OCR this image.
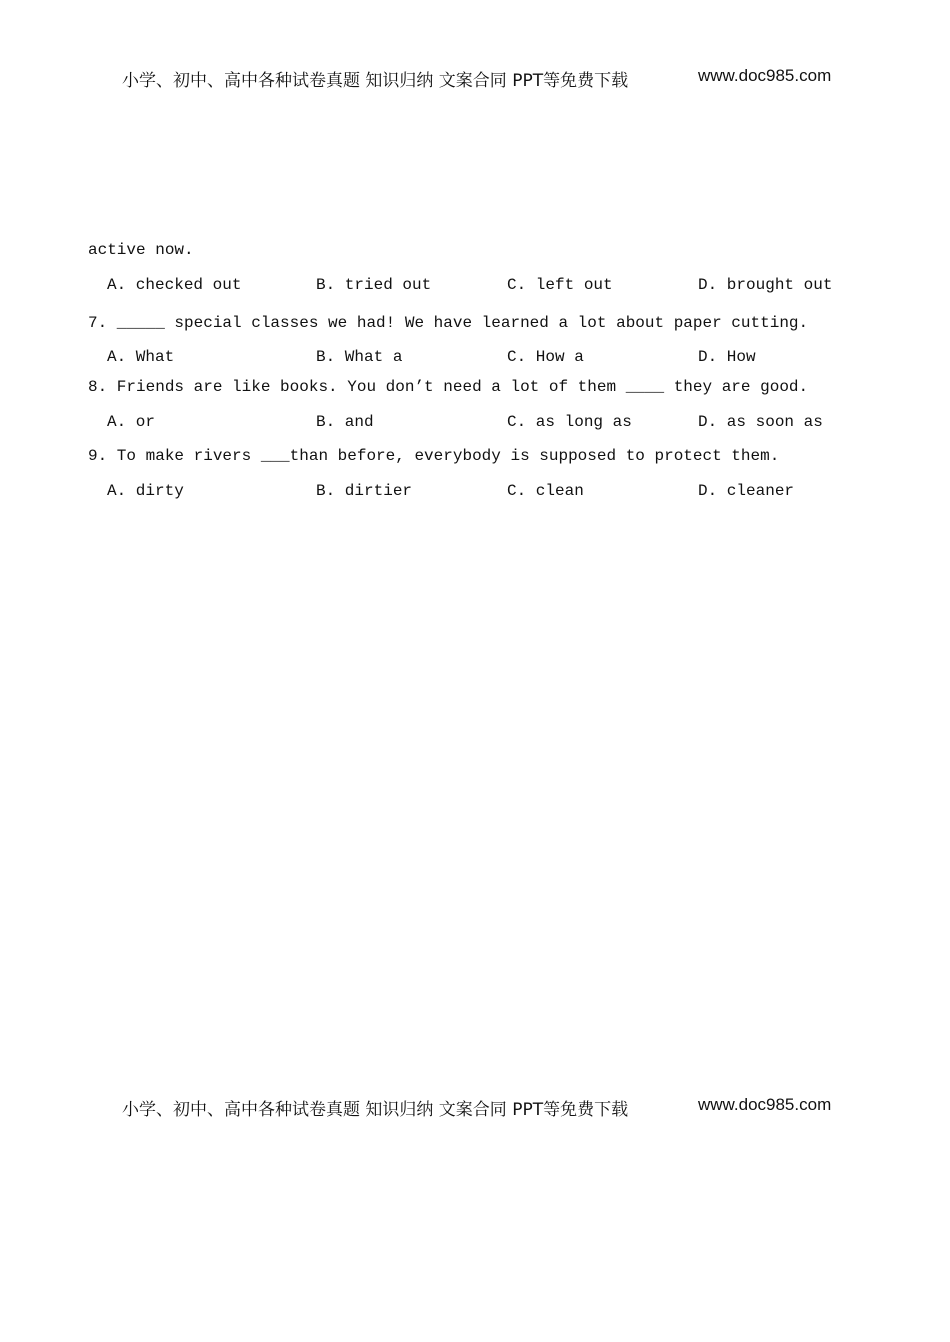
小学、初中、高中各种试卷真题 知识归纳 文案合同 PPT等免费下载	www.doc985.com
active now.
A. checked out	B. tried out	C. left out	D. brought out
7. _____ special classes we had! We have learned a lot about paper cutting.
A. What	B. What a	C. How a	D. How
8. Friends are like books. You don’t need a lot of them ____ they are good.
A. or	B. and	C. as long as	D. as soon as
9. To make rivers ___than before, everybody is supposed to protect them.
A. dirty	B. dirtier	C. clean	D. cleaner
小学、初中、高中各种试卷真题 知识归纳 文案合同 PPT等免费下载	www.doc985.com
